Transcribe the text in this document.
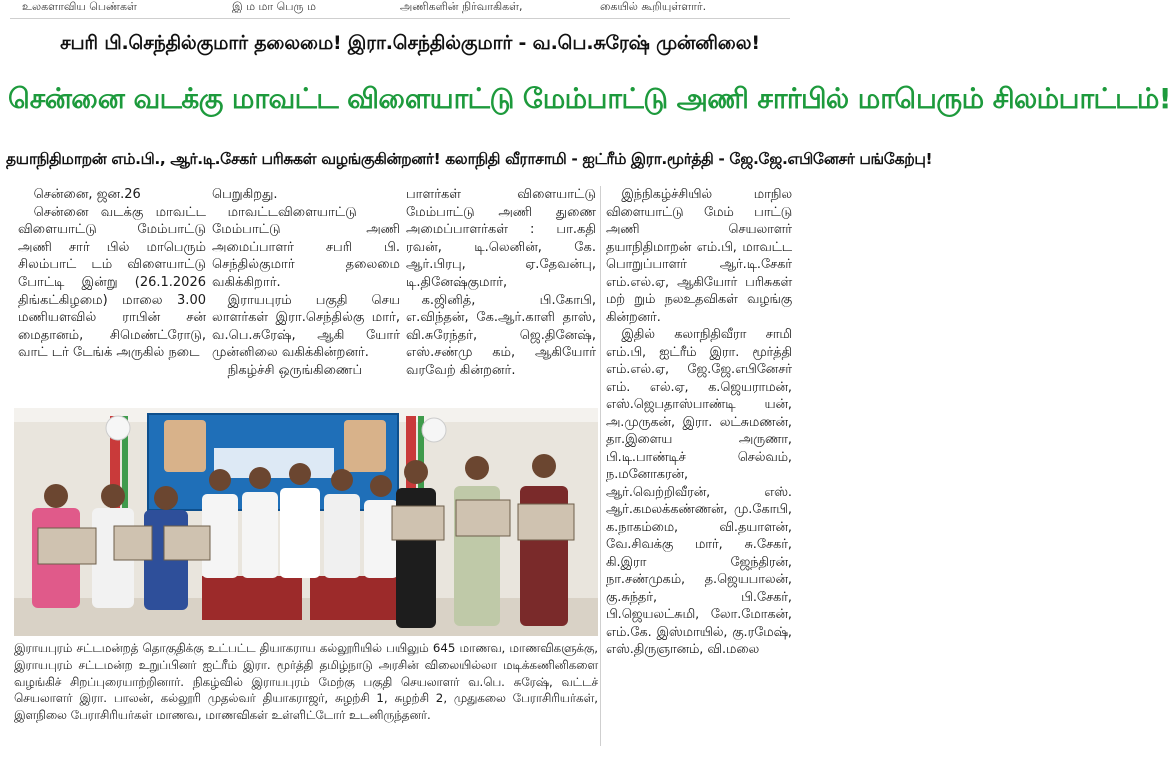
உலகளாவிய பெண்கள்	இ ம மா பெரு ம	அணிகளின் நிர்வாகிகள்,	கையில் கூறியுள்ளார்.
சபரி பி.செந்தில்குமார் தலைமை! இரா.செந்தில்குமார் - வ.பெ.சுரேஷ் முன்னிலை!
சென்னை வடக்கு மாவட்ட விளையாட்டு மேம்பாட்டு அணி சார்பில் மாபெரும் சிலம்பாட்டம்!
தயாநிதிமாறன் எம்.பி., ஆர்.டி.சேகர் பரிசுகள் வழங்குகின்றனர்! கலாநிதி வீராசாமி - ஐட்ரீம் இரா.மூர்த்தி - ஜே.ஜே.எபினேசர் பங்கேற்பு!

சென்னை, ஜன.26

சென்னை வடக்கு மாவட்ட விளையாட்டு மேம்பாட்டு அணி சார் பில் மாபெரும் சிலம்பாட் டம் விளையாட்டு போட்டி இன்று (26.1.2026 திங்கட்கிழமை) மாலை 3.00 மணியளவில் ராபின் சன் மைதானம், சிமெண்ட்ரோடு, வாட் டர் டேங்க் அருகில் நடை

பெறுகிறது.

மாவட்டவிளையாட்டு மேம்பாட்டு அணி அமைப்பாளர் சபரி பி. செந்தில்குமார் தலைமை வகிக்கிறார்.

இராயபுரம் பகுதி செய லாளர்கள் இரா.செந்தில்கு மார், வ.பெ.சுரேஷ், ஆகி யோர் முன்னிலை வகிக்கின்றனர்.

நிகழ்ச்சி ஒருங்கிணைப்

பாளர்கள் விளையாட்டு மேம்பாட்டு அணி துணை அமைப்பாளர்கள் : பா.கதி ரவன், டி.லெனின், கே. ஆர்.பிரபு, ஏ.தேவன்பு, டி.தினேஷ்குமார்,

க.ஜினித், பி.கோபி, எ.விந்தன், கே.ஆர்.காளி தாஸ், வி.சுரேந்தர், ஜெ.தினேஷ், எஸ்.சண்மு கம், ஆகியோர் வரவேற் கின்றனர்.

இந்நிகழ்ச்சியில் மாநில விளையாட்டு மேம் பாட்டு அணி செயலாளர் தயாநிதிமாறன் எம்.பி, மாவட்ட பொறுப்பாளர் ஆர்.டி.சேகர் எம்.எல்.ஏ, ஆகியோர் பரிசுகள் மற் றும் நலஉதவிகள் வழங்கு கின்றனர்.

இதில் கலாநிதிவீரா சாமி எம்.பி, ஐட்ரீம் இரா. மூர்த்தி எம்.எல்.ஏ, ஜே.ஜே.எபினேசர் எம். எல்.ஏ, க.ஜெயராமன், எஸ்.ஜெபதாஸ்பாண்டி யன், அ.முருகன், இரா. லட்சுமணன், தா.இளைய அருணா, பி.டி.பாண்டிச் செல்வம், ந.மனோகரன், ஆர்.வெற்றிவீரன், எஸ். ஆர்.கமலக்கண்ணன், மு.கோபி, க.நாகம்மை, வி.தயாளன், வே.சிவக்கு மார், சு.சேகர், கி.இரா ஜேந்திரன், நா.சண்முகம், த.ஜெயபாலன், கு.சுந்தர், பி.சேகர், பி.ஜெயலட்சுமி, லோ.மோகன், எம்.கே. இஸ்மாயில், கு.ரமேஷ், எஸ்.திருஞானம், வி.மலை

இராயபுரம் சட்டமன்றத் தொகுதிக்கு உட்பட்ட தியாகராய கல்லூரியில் பயிலும் 645 மாணவ, மாணவிகளுக்கு, இராயபுரம் சட்டமன்ற உறுப்பினர் ஐட்ரீம் இரா. மூர்த்தி தமிழ்நாடு அரசின் விலையில்லா மடிக்கணினிகளை வழங்கிச் சிறப்புரையாற்றினார். நிகழ்வில் இராயபுரம் மேற்கு பகுதி செயலாளர் வ.பெ. சுரேஷ், வட்டச் செயலாளர் இரா. பாலன், கல்லூரி முதல்வர் தியாகராஜர், சுழற்சி 1, சுழற்சி 2, முதுகலை பேராசிரியர்கள், இளநிலை பேராசிரியர்கள் மாணவ, மாணவிகள் உள்ளிட்டோர் உடனிருந்தனர்.
